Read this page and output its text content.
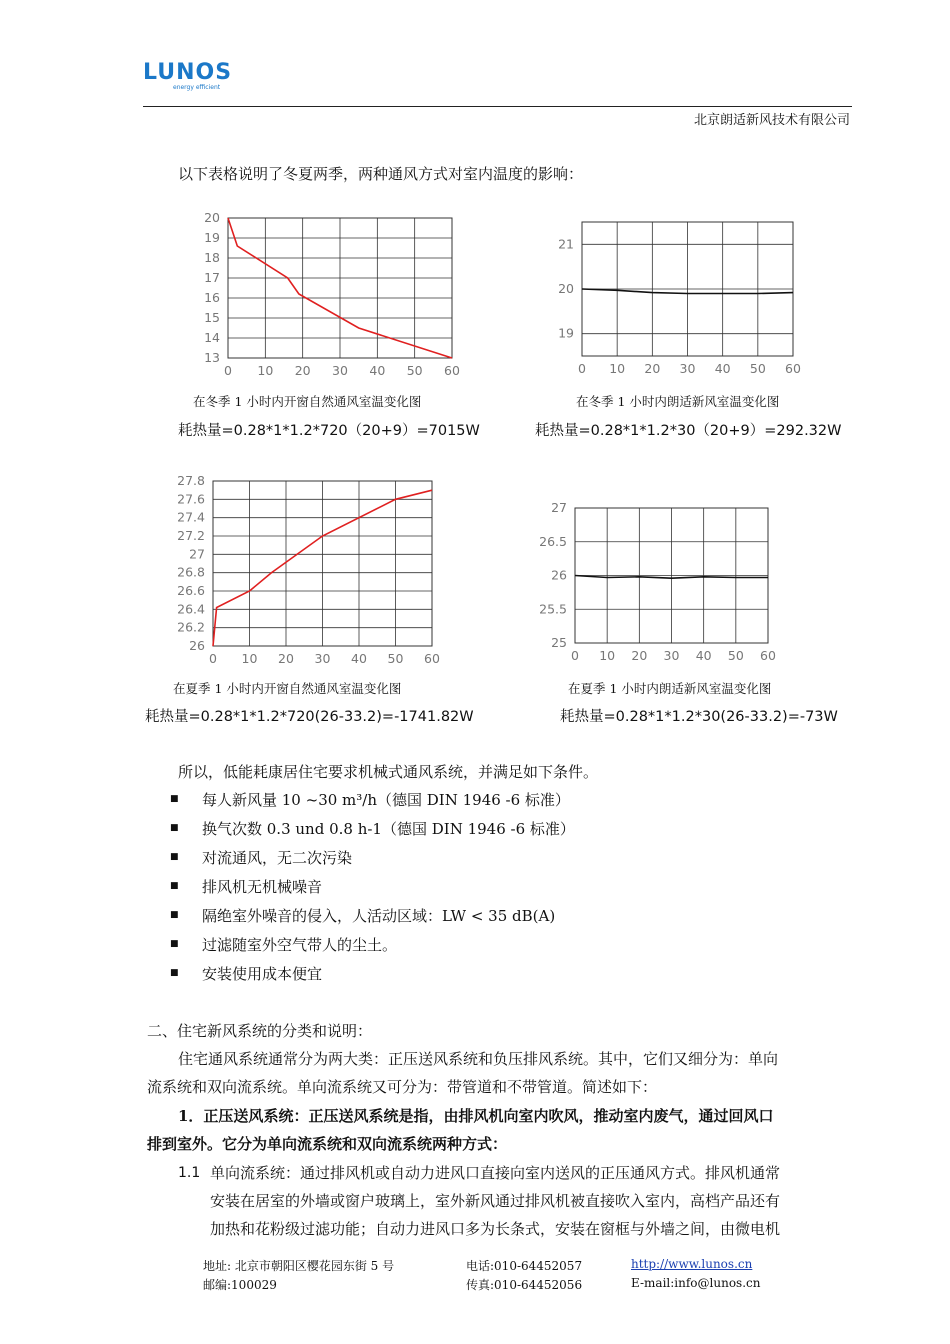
LUNOS
energy efficient
北京朗适新风技术有限公司
以下表格说明了冬夏两季，两种通风方式对室内温度的影响：
0 10 20 30 40 50 60
20
19
18
17
16
15
14
13
在冬季 1 小时内开窗自然通风室温变化图
耗热量=0.28*1*1.2*720（20+9）=7015W
0 10 20 30 40 50 60
21
20
19
在冬季 1 小时内朗适新风室温变化图
耗热量=0.28*1*1.2*30（20+9）=292.32W
0 10 20 30 40 50 60
27.8
27.6
27.4
27.2
27
26.8
26.6
26.4
26.2
26
在夏季 1 小时内开窗自然通风室温变化图
耗热量=0.28*1*1.2*720(26-33.2)=-1741.82W
0 10 20 30 40 50 60
27
26.5
26
25.5
25
在夏季 1 小时内朗适新风室温变化图
耗热量=0.28*1*1.2*30(26-33.2)=-73W
所以，低能耗康居住宅要求机械式通风系统，并满足如下条件。
■ 每人新风量 10 ~30 m³/h（德国 DIN 1946 -6 标准）
■ 换气次数 0.3 und 0.8 h-1（德国 DIN 1946 -6 标准）
■ 对流通风，无二次污染
■ 排风机无机械噪音
■ 隔绝室外噪音的侵入，人活动区域：LW < 35 dB(A)
■ 过滤随室外空气带人的尘土。
■ 安装使用成本便宜
二、住宅新风系统的分类和说明：
住宅通风系统通常分为两大类：正压送风系统和负压排风系统。其中，它们又细分为：单向
流系统和双向流系统。单向流系统又可分为：带管道和不带管道。简述如下：
1．正压送风系统：正压送风系统是指，由排风机向室内吹风，推动室内废气，通过回风口
排到室外。它分为单向流系统和双向流系统两种方式：
1.1 单向流系统：通过排风机或自动力进风口直接向室内送风的正压通风方式。排风机通常
安装在居室的外墙或窗户玻璃上，室外新风通过排风机被直接吹入室内，高档产品还有
加热和花粉级过滤功能；自动力进风口多为长条式，安装在窗框与外墙之间，由微电机
地址: 北京市朝阳区樱花园东街 5 号
邮编:100029
电话:010-64452057
传真:010-64452056
http://www.lunos.cn
E-mail:info@lunos.cn
